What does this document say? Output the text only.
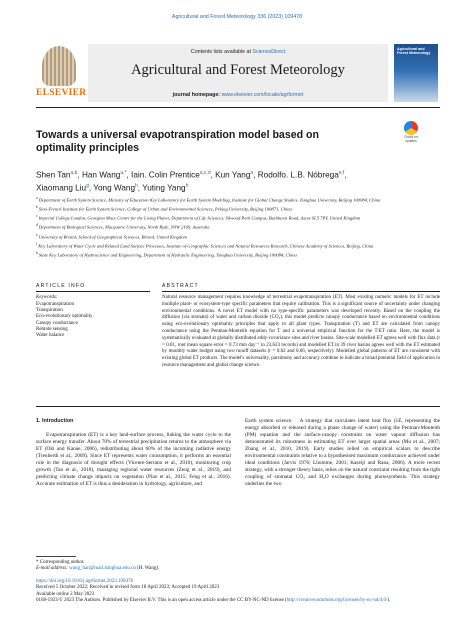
Agricultural and Forest Meteorology 336 (2023) 109478
ELSEVIER
Contents lists available at ScienceDirect
Agricultural and Forest Meteorology
journal homepage: www.elsevier.com/locate/agrformet
Agricultural and Forest Meteorology
Towards a universal evapotranspiration model based on
optimality principles
Check for updates
Shen Tan$^{a,b}$, Han Wang$^{a,*}$, Iain. Colin Prentice$^{a,c,d}$, Kun Yang$^a$, Rodolfo. L.B. Nóbrega$^{e,f}$,
Xiaomang Liu$^g$, Yong Wang$^h$, Yuting Yang$^h$
$^a$Department of Earth System Science, Ministry of Education Key Laboratory for Earth System Modeling, Institute for Global Change Studies, Tsinghua University, Beijing 100084, China
$^b$Sino-French Institute for Earth System Science, College of Urban and Environmental Sciences, Peking University, Beijing 100871, China
$^c$Imperial College London, Georgina Mace Centre for the Living Planet, Department of Life Sciences, Silwood Park Campus, Buckhurst Road, Ascot SL5 7PY, United Kingdom
$^d$Department of Biological Sciences, Macquarie University, North Ryde, NSW 2109, Australia
$^e$University of Bristol, School of Geographical Sciences, Bristol, United Kingdom
$^f$Key Laboratory of Water Cycle and Related Land Surface Processes, Institute of Geographic Sciences and Natural Resources Research, Chinese Academy of Sciences, Beijing, China
$^h$State Key Laboratory of Hydroscience and Engineering, Department of Hydraulic Engineering, Tsinghua University, Beijing 100084, China
ARTICLE INFO	ABSTRACT
Keywords:
Evapotranspiration
Transpiration
Eco-evolutionary optimality
Canopy conductance
Remote sensing
Water balance
Natural resource management requires knowledge of terrestrial evapotranspiration (ET). Most existing numeric models for ET include multiple plant- or ecosystem-type specific parameters that require calibration. This is a significant source of uncertainty under changing environmental conditions. A novel ET model with no type-specific parameters was developed recently. Based on the coupling the diffusion (via stomata) of water and carbon dioxide (CO₂), this model predicts canopy conductance based on environmental conditions using eco-evolutionary optimality principles that apply to all plant types. Transpiration (T) and ET are calculated from canopy conductance using the Penman-Monteith equation for T and a universal empirical function for the T:ET ratio. Here, the model is systematically evaluated at globally distributed eddy-covariance sites and river basins. Site-scale modelled ET agrees well with flux data (r = 0.81, root mean square error = 0.73 mm day⁻¹ in 23,623 records) and modelled ET in 39 river basins agrees well with the ET estimated by monthly water budget using two runoff datasets (r = 0.62 and 0.66, respectively). Modelled global patterns of ET are consistent with existing global ET products. The model's universality, parsimony and accuracy combine to indicate a broad potential field of application in resource management and global change science.
1. Introduction
Evapotranspiration (ET) is a key land-surface process, linking the water cycle to the surface energy transfer. About 70% of terrestrial precipitation returns to the atmosphere via ET (Oki and Kanae, 2006), redistributing about 60% of the incoming radiative energy (Trenberth et al., 2009). Since ET represents water consumption, it performs an essential role in the diagnosis of drought effects (Vicente-Serrano et al., 2010), monitoring crop growth (Tan et al., 2018), managing regional water resources (Zeng et al., 2019), and predicting climate change impacts on vegetation (Piao et al., 2015; Feng et al., 2016). Accurate estimation of ET is thus a desideratum in hydrology, agriculture, and
Earth system science.   A strategy that calculates latent heat flux (λE, representing the energy absorbed or released during a phase change of water) using the Penman-Monteith (PM) equation and the surface-canopy constraint on water vapour diffusion has demonstrated its robustness in estimating ET over larger spatial areas (Mu et al., 2007; Zhang et al., 2010, 2019). Early studies relied on empirical scalars to describe environmental constraints relative to a hypothesised maximum conductance achieved under ideal conditions (Jarvis 1976; Lhomme, 2001; Kaseiji and Rana, 2006). A more recent strategy, with a stronger theory basis, relies on the natural constraint resulting from the tight coupling of stomatal CO₂ and H₂O exchanges during photosynthesis. This strategy underlies the two
* Corresponding author.
E-mail address: wang_han@mail.tsinghua.edu.cn (H. Wang).
https://doi.org/10.1016/j.agrformet.2023.109478
Received 5 October 2022; Received in revised form 18 April 2023; Accepted 19 April 2023
Available online 2 May 2023
0168-1923/© 2023 The Authors. Published by Elsevier B.V. This is an open access article under the CC BY-NC-ND license (http://creativecommons.org/licenses/by-nc-nd/4.0/).
